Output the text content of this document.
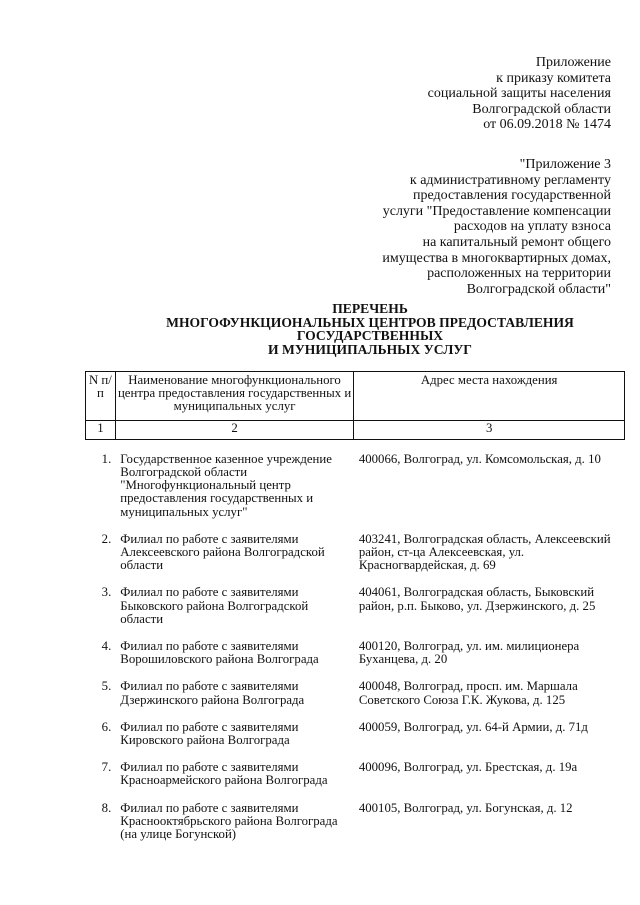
Приложение
к приказу комитета
социальной защиты населения
Волгоградской области
от 06.09.2018 № 1474
"Приложение 3
к административному регламенту
предоставления государственной
услуги "Предоставление компенсации
расходов на уплату взноса
на капитальный ремонт общего
имущества в многоквартирных домах,
расположенных на территории
Волгоградской области"
ПЕРЕЧЕНЬ
МНОГОФУНКЦИОНАЛЬНЫХ ЦЕНТРОВ ПРЕДОСТАВЛЕНИЯ
ГОСУДАРСТВЕННЫХ
И МУНИЦИПАЛЬНЫХ УСЛУГ
N п/п	Наименование многофункционального центра предоставления государственных и муниципальных услуг	Адрес места нахождения
1	2	3
1.	Государственное казенное учреждение Волгоградской области "Многофункциональный центр предоставления государственных и муниципальных услуг"	400066, Волгоград, ул. Комсомольская, д. 10
2.	Филиал по работе с заявителями Алексеевского района Волгоградской области	403241, Волгоградская область, Алексеевский район, ст-ца Алексеевская, ул. Красногвардейская, д. 69
3.	Филиал по работе с заявителями Быковского района Волгоградской области	404061, Волгоградская область, Быковский район, р.п. Быково, ул. Дзержинского, д. 25
4.	Филиал по работе с заявителями Ворошиловского района Волгограда	400120, Волгоград, ул. им. милиционера Буханцева, д. 20
5.	Филиал по работе с заявителями Дзержинского района Волгограда	400048, Волгоград, просп. им. Маршала Советского Союза Г.К. Жукова, д. 125
6.	Филиал по работе с заявителями Кировского района Волгограда	400059, Волгоград, ул. 64-й Армии, д. 71д
7.	Филиал по работе с заявителями Красноармейского района Волгограда	400096, Волгоград, ул. Брестская, д. 19а
8.	Филиал по работе с заявителями Краснооктябрьского района Волгограда (на улице Богунской)	400105, Волгоград, ул. Богунская, д. 12
